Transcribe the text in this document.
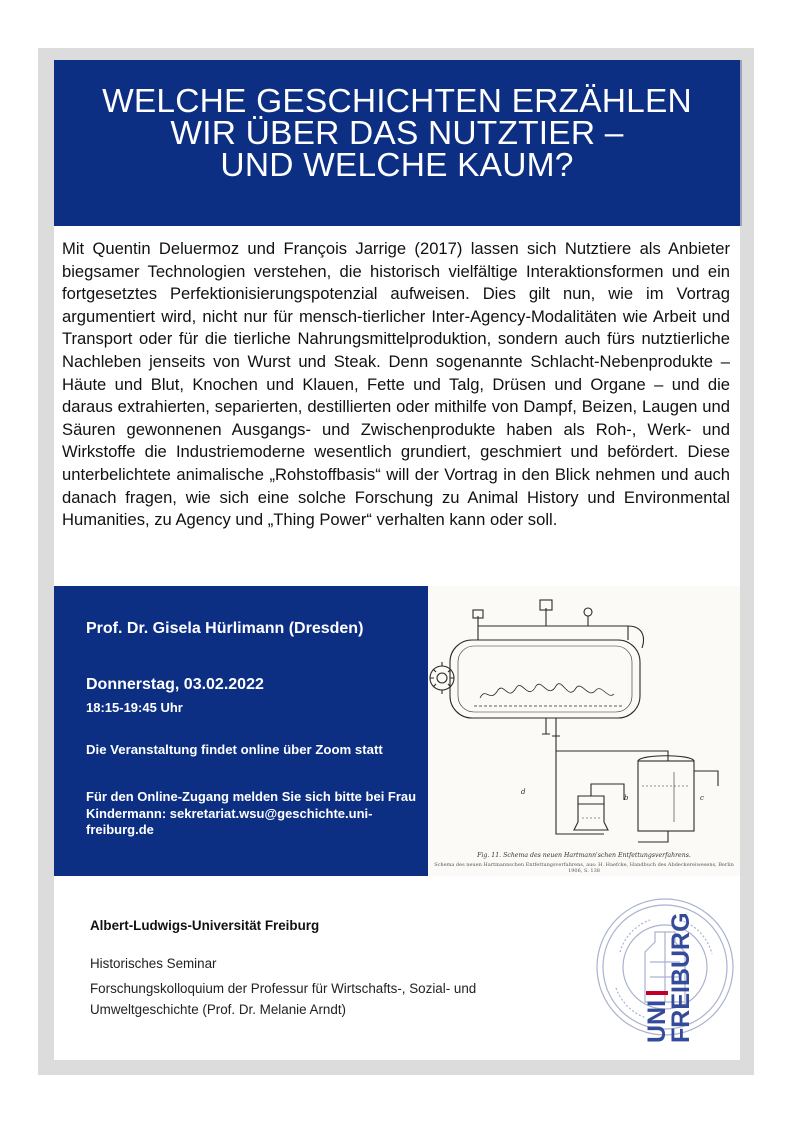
WELCHE GESCHICHTEN ERZÄHLEN
WIR ÜBER DAS NUTZTIER –
UND WELCHE KAUM?
Mit Quentin Deluermoz und François Jarrige (2017) lassen sich Nutztiere als Anbieter biegsamer Technologien verstehen, die historisch vielfältige Interaktionsformen und ein fortgesetztes Perfektionisierungspotenzial aufweisen. Dies gilt nun, wie im Vortrag argumentiert wird, nicht nur für mensch-tierlicher Inter-Agency-Modalitäten wie Arbeit und Transport oder für die tierliche Nahrungsmittelproduktion, sondern auch fürs nutztierliche Nachleben jenseits von Wurst und Steak. Denn sogenannte Schlacht-Nebenprodukte – Häute und Blut, Knochen und Klauen, Fette und Talg, Drüsen und Organe – und die daraus extrahierten, separierten, destillierten oder mithilfe von Dampf, Beizen, Laugen und Säuren gewonnenen Ausgangs- und Zwischenprodukte haben als Roh-, Werk- und Wirkstoffe die Industriemoderne wesentlich grundiert, geschmiert und befördert. Diese unterbelichtete animalische „Rohstoffbasis“ will der Vortrag in den Blick nehmen und auch danach fragen, wie sich eine solche Forschung zu Animal History und Environmental Humanities, zu Agency und „Thing Power“ verhalten kann oder soll.
Prof. Dr. Gisela Hürlimann (Dresden)
Donnerstag, 03.02.2022
18:15-19:45 Uhr
Die Veranstaltung findet online über Zoom statt
Für den Online-Zugang melden Sie sich bitte bei Frau Kindermann: sekretariat.wsu@geschichte.uni-freiburg.de
d
c
b
Fig. 11. Schema des neuen Hartmann'schen Entfettungsverfahrens.
Schema des neuen Hartmannschen Entfettungsverfahrens, aus: H. Haefcke, Handbuch des Abdeckereiwesens, Berlin 1906, S. 138
Albert-Ludwigs-Universität Freiburg
Historisches Seminar
Forschungskolloquium der Professur für Wirtschafts-, Sozial- und Umweltgeschichte (Prof. Dr. Melanie Arndt)	UNI
FREIBURG
